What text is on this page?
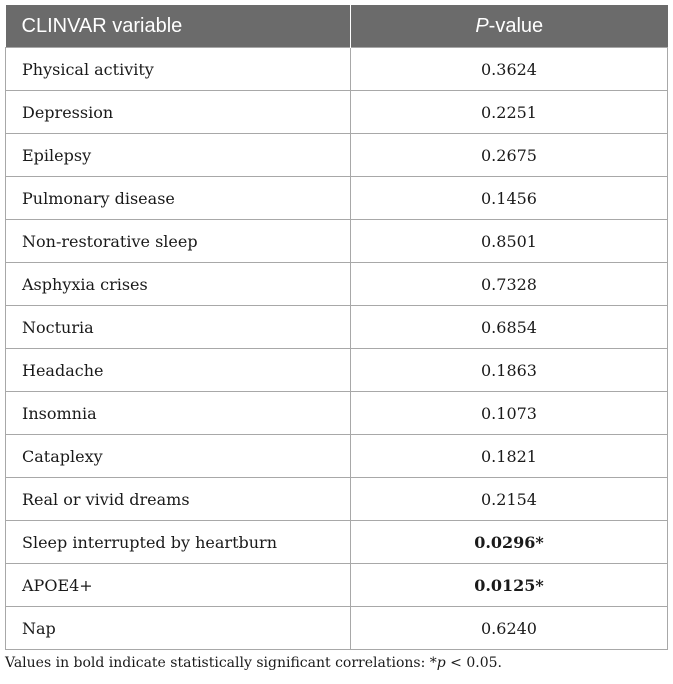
CLINVAR variable	P-value
Physical activity	0.3624
Depression	0.2251
Epilepsy	0.2675
Pulmonary disease	0.1456
Non-restorative sleep	0.8501
Asphyxia crises	0.7328
Nocturia	0.6854
Headache	0.1863
Insomnia	0.1073
Cataplexy	0.1821
Real or vivid dreams	0.2154
Sleep interrupted by heartburn	0.0296*
APOE4+	0.0125*
Nap	0.6240
Values in bold indicate statistically significant correlations: *p < 0.05.
